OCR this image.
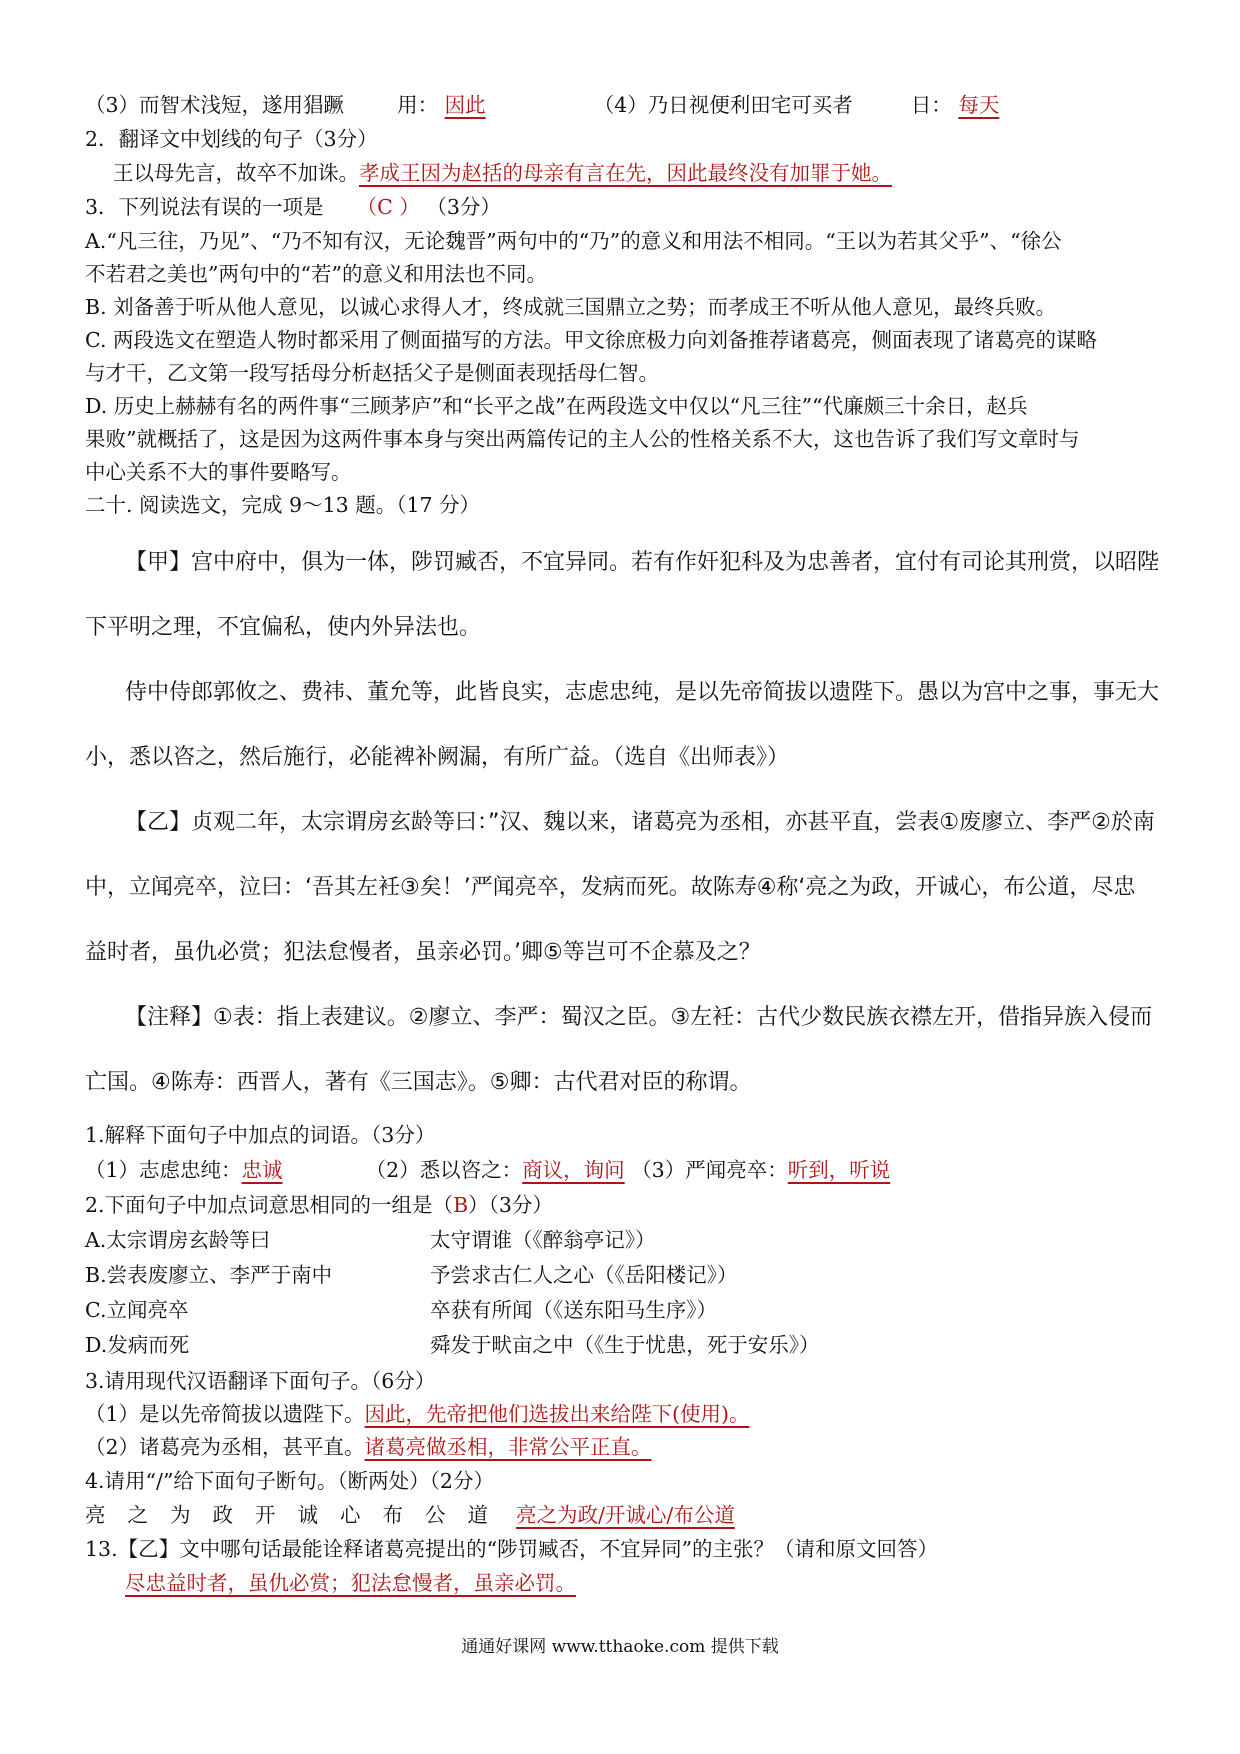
（3）而智术浅短，遂用猖蹶	用： 因此	（4）乃日视便利田宅可买者	日： 每天
2．翻译文中划线的句子（3分）
王以母先言，故卒不加诛。孝成王因为赵括的母亲有言在先，因此最终没有加罪于她。
3．下列说法有误的一项是 （C ） （3分）
A.“凡三往，乃见”、“乃不知有汉，无论魏晋”两句中的“乃”的意义和用法不相同。“王以为若其父乎”、“徐公
不若君之美也”两句中的“若”的意义和用法也不同。
B. 刘备善于听从他人意见，以诚心求得人才，终成就三国鼎立之势；而孝成王不听从他人意见，最终兵败。
C. 两段选文在塑造人物时都采用了侧面描写的方法。甲文徐庶极力向刘备推荐诸葛亮，侧面表现了诸葛亮的谋略
与才干，乙文第一段写括母分析赵括父子是侧面表现括母仁智。
D. 历史上赫赫有名的两件事“三顾茅庐”和“长平之战”在两段选文中仅以“凡三往”“代廉颇三十余日，赵兵
果败”就概括了，这是因为这两件事本身与突出两篇传记的主人公的性格关系不大，这也告诉了我们写文章时与
中心关系不大的事件要略写。
二十. 阅读选文，完成 9～13 题。（17 分）
【甲】宫中府中，俱为一体，陟罚臧否，不宜异同。若有作奸犯科及为忠善者，宜付有司论其刑赏，以昭陛
下平明之理，不宜偏私，使内外异法也。
侍中侍郎郭攸之、费祎、董允等，此皆良实，志虑忠纯，是以先帝简拔以遗陛下。愚以为宫中之事，事无大
小，悉以咨之，然后施行，必能裨补阙漏，有所广益。（选自《出师表》）
【乙】贞观二年，太宗谓房玄龄等曰：”汉、魏以来，诸葛亮为丞相，亦甚平直，尝表①废廖立、李严②於南
中，立闻亮卒，泣曰：‘吾其左衽③矣！’严闻亮卒，发病而死。故陈寿④称‘亮之为政，开诚心，布公道，尽忠
益时者，虽仇必赏；犯法怠慢者，虽亲必罚。’卿⑤等岂可不企慕及之？
【注释】①表：指上表建议。②廖立、李严：蜀汉之臣。③左衽：古代少数民族衣襟左开，借指异族入侵而
亡国。④陈寿：西晋人，著有《三国志》。⑤卿：古代君对臣的称谓。
1.解释下面句子中加点的词语。（3分）
（1）志虑忠纯：忠诚	（2）悉以咨之：商议，询问 （3）严闻亮卒：听到，听说
2.下面句子中加点词意思相同的一组是（B）（3分）
A.太宗谓房玄龄等曰	太守谓谁（《醉翁亭记》）
B.尝表废廖立、李严于南中	予尝求古仁人之心（《岳阳楼记》）
C.立闻亮卒	卒获有所闻（《送东阳马生序》）
D.发病而死	舜发于畎亩之中（《生于忧患，死于安乐》）
3.请用现代汉语翻译下面句子。（6分）
（1）是以先帝简拔以遗陛下。因此，先帝把他们选拔出来给陛下(使用)。
（2）诸葛亮为丞相，甚平直。诸葛亮做丞相，非常公平正直。
4.请用“/”给下面句子断句。（断两处）（2分）
亮之为政开诚心布公道 亮之为政/开诚心/布公道
13.【乙】文中哪句话最能诠释诸葛亮提出的“陟罚臧否，不宜异同”的主张？（请和原文回答）
尽忠益时者，虽仇必赏；犯法怠慢者，虽亲必罚。
通通好课网 www.tthaoke.com 提供下载
